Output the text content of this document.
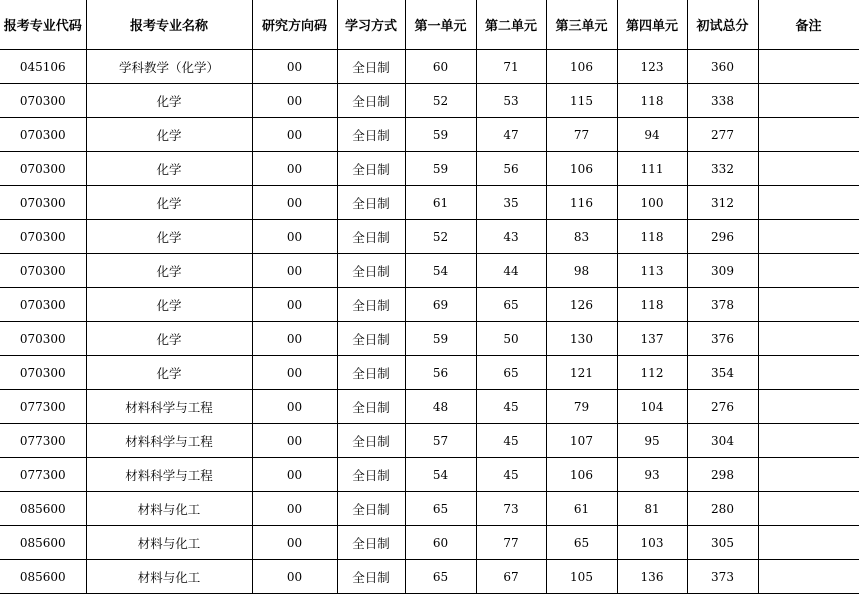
报考专业代码	报考专业名称	研究方向码	学习方式	第一单元	第二单元	第三单元	第四单元	初试总分	备注
045106	学科教学（化学）	00	全日制	60	71	106	123	360	
070300	化学	00	全日制	52	53	115	118	338	
070300	化学	00	全日制	59	47	77	94	277	
070300	化学	00	全日制	59	56	106	111	332	
070300	化学	00	全日制	61	35	116	100	312	
070300	化学	00	全日制	52	43	83	118	296	
070300	化学	00	全日制	54	44	98	113	309	
070300	化学	00	全日制	69	65	126	118	378	
070300	化学	00	全日制	59	50	130	137	376	
070300	化学	00	全日制	56	65	121	112	354	
077300	材料科学与工程	00	全日制	48	45	79	104	276	
077300	材料科学与工程	00	全日制	57	45	107	95	304	
077300	材料科学与工程	00	全日制	54	45	106	93	298	
085600	材料与化工	00	全日制	65	73	61	81	280	
085600	材料与化工	00	全日制	60	77	65	103	305	
085600	材料与化工	00	全日制	65	67	105	136	373	
